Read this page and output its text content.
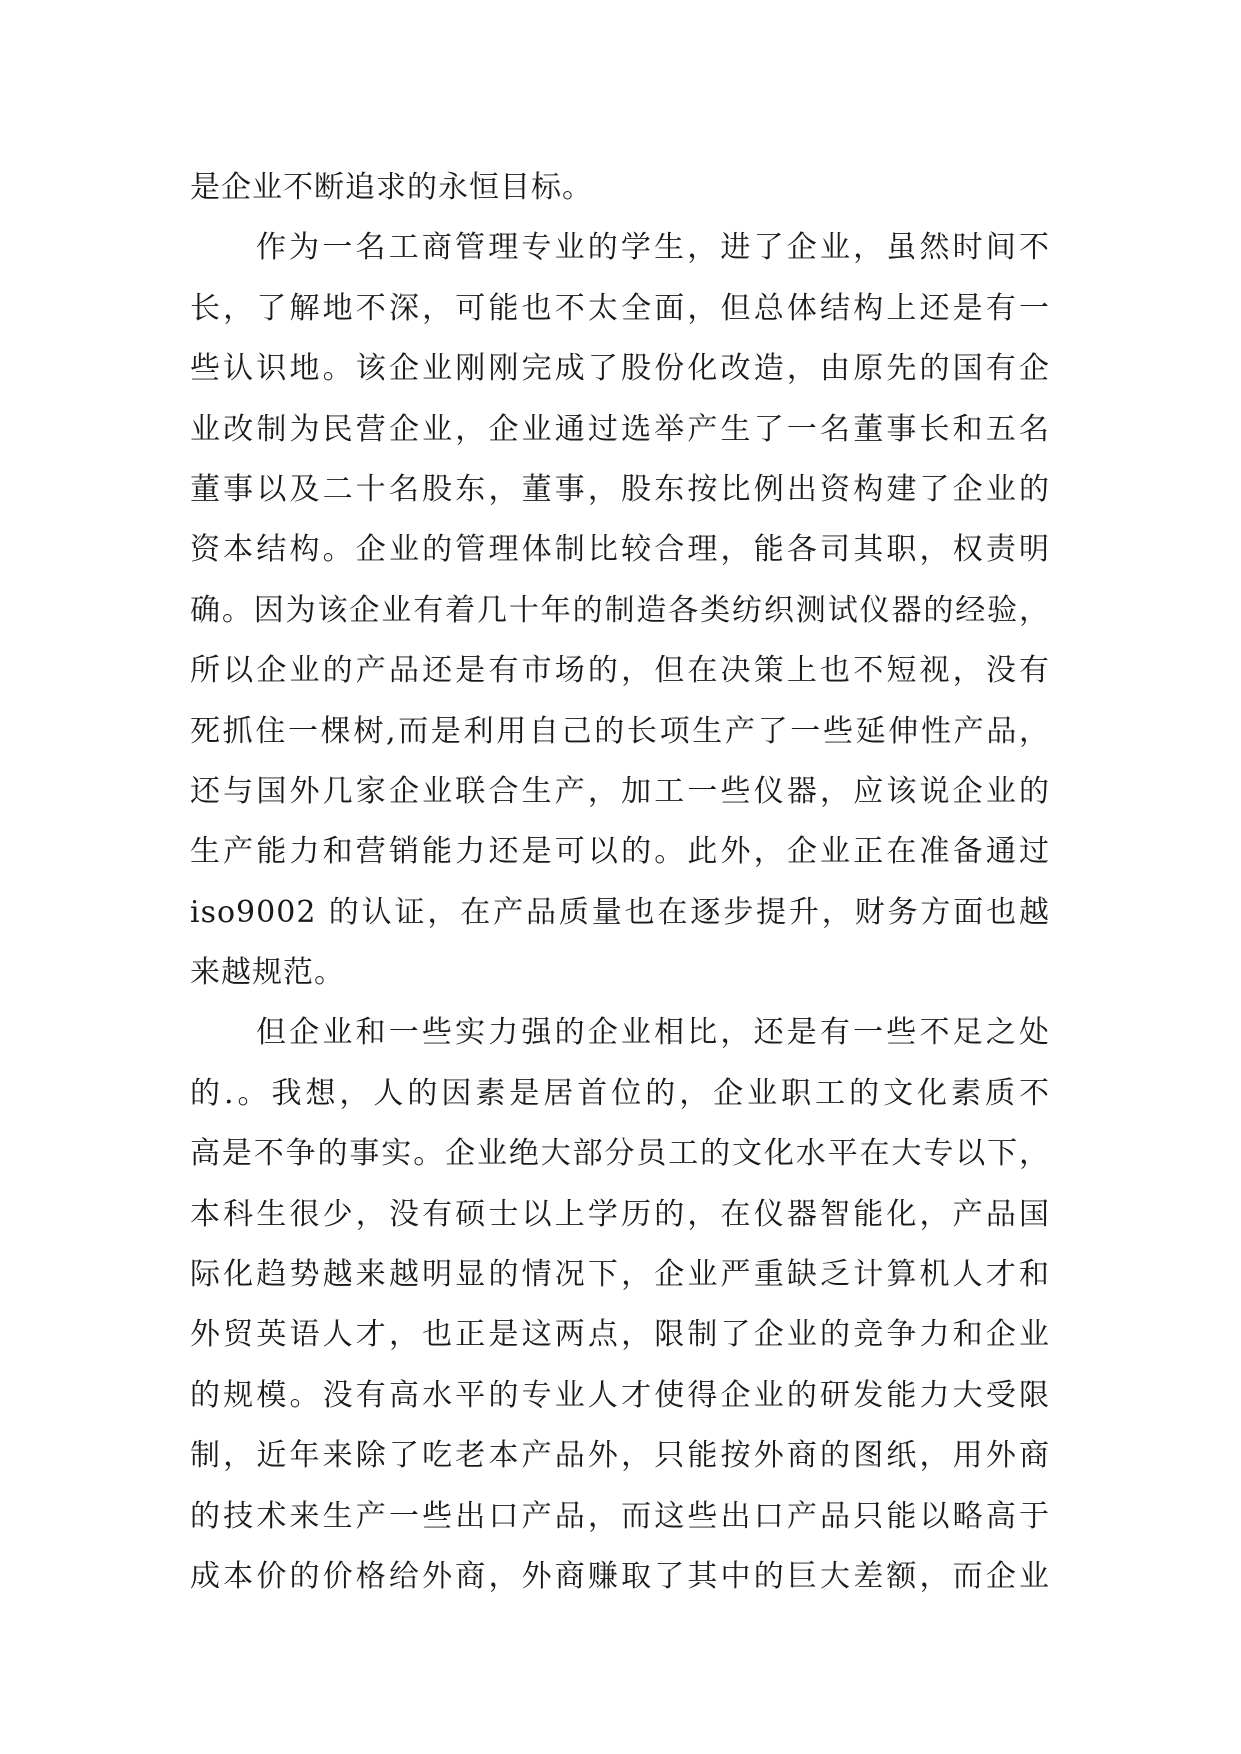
是企业不断追求的永恒目标。
作为一名工商管理专业的学生，进了企业，虽然时间不
长，了解地不深，可能也不太全面，但总体结构上还是有一
些认识地。该企业刚刚完成了股份化改造，由原先的国有企
业改制为民营企业，企业通过选举产生了一名董事长和五名
董事以及二十名股东，董事，股东按比例出资构建了企业的
资本结构。企业的管理体制比较合理，能各司其职，权责明
确。因为该企业有着几十年的制造各类纺织测试仪器的经验，
所以企业的产品还是有市场的，但在决策上也不短视，没有
死抓住一棵树,而是利用自己的长项生产了一些延伸性产品，
还与国外几家企业联合生产，加工一些仪器，应该说企业的
生产能力和营销能力还是可以的。此外，企业正在准备通过
iso9002 的认证，在产品质量也在逐步提升，财务方面也越
来越规范。
但企业和一些实力强的企业相比，还是有一些不足之处
的.。我想，人的因素是居首位的，企业职工的文化素质不
高是不争的事实。企业绝大部分员工的文化水平在大专以下，
本科生很少，没有硕士以上学历的，在仪器智能化，产品国
际化趋势越来越明显的情况下，企业严重缺乏计算机人才和
外贸英语人才，也正是这两点，限制了企业的竞争力和企业
的规模。没有高水平的专业人才使得企业的研发能力大受限
制，近年来除了吃老本产品外，只能按外商的图纸，用外商
的技术来生产一些出口产品，而这些出口产品只能以略高于
成本价的价格给外商，外商赚取了其中的巨大差额，而企业
